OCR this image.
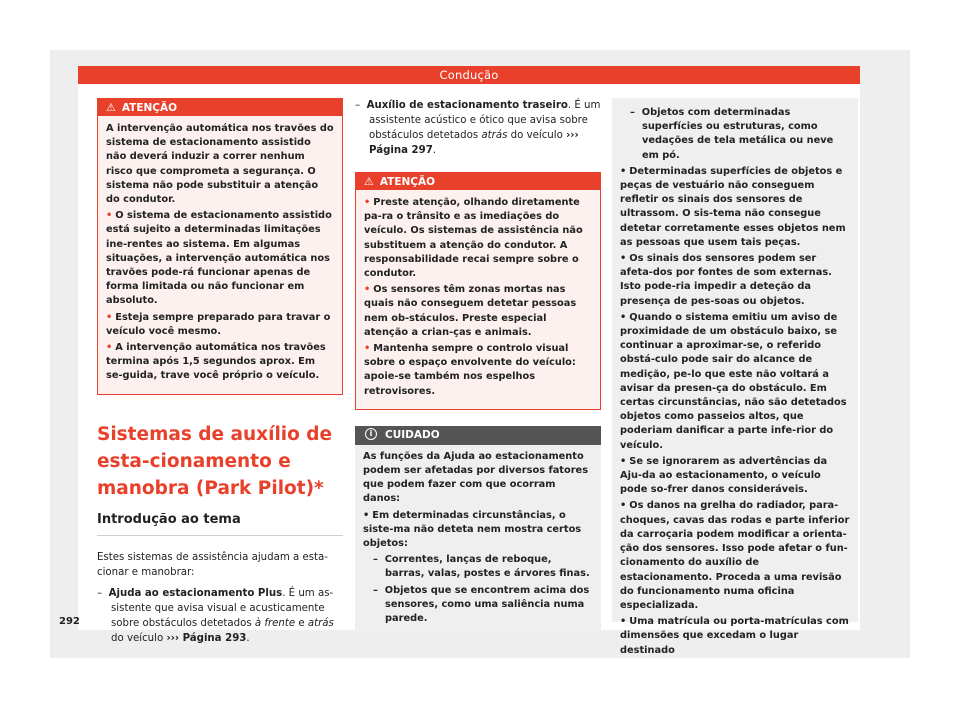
Condução
292
⚠ ATENÇÃO

A intervenção automática nos travões do sistema de estacionamento assistido não deverá induzir a correr nenhum risco que comprometa a segurança. O sistema não pode substituir a atenção do condutor.

• O sistema de estacionamento assistido está sujeito a determinadas limitações ine-rentes ao sistema. Em algumas situações, a intervenção automática nos travões pode-rá funcionar apenas de forma limitada ou não funcionar em absoluto.

• Esteja sempre preparado para travar o veículo você mesmo.

• A intervenção automática nos travões termina após 1,5 segundos aprox. Em se-guida, trave você próprio o veículo.

Sistemas de auxílio de esta-cionamento e manobra (Park Pilot)*
Introdução ao tema

Estes sistemas de assistência ajudam a esta-cionar e manobrar:

– Ajuda ao estacionamento Plus. É um as-sistente que avisa visual e acusticamente sobre obstáculos detetados à frente e atrás do veículo ››› Página 293.

– Auxílio de estacionamento traseiro. É um assistente acústico e ótico que avisa sobre obstáculos detetados atrás do veículo ››› Página 297.

⚠ ATENÇÃO

• Preste atenção, olhando diretamente pa-ra o trânsito e as imediações do veículo. Os sistemas de assistência não substituem a atenção do condutor. A responsabilidade recai sempre sobre o condutor.

• Os sensores têm zonas mortas nas quais não conseguem detetar pessoas nem ob-stáculos. Preste especial atenção a crian-ças e animais.

• Mantenha sempre o controlo visual sobre o espaço envolvente do veículo: apoie-se também nos espelhos retrovisores.

i CUIDADO

As funções da Ajuda ao estacionamento podem ser afetadas por diversos fatores que podem fazer com que ocorram danos:

• Em determinadas circunstâncias, o siste-ma não deteta nem mostra certos objetos:

–  Correntes, lanças de reboque, barras, valas, postes e árvores finas.

–  Objetos que se encontrem acima dos sensores, como uma saliência numa parede.

–  Objetos com determinadas superfícies ou estruturas, como vedações de tela metálica ou neve em pó.

• Determinadas superfícies de objetos e peças de vestuário não conseguem refletir os sinais dos sensores de ultrassom. O sis-tema não consegue detetar corretamente esses objetos nem as pessoas que usem tais peças.

• Os sinais dos sensores podem ser afeta-dos por fontes de som externas. Isto pode-ria impedir a deteção da presença de pes-soas ou objetos.

• Quando o sistema emitiu um aviso de proximidade de um obstáculo baixo, se continuar a aproximar-se, o referido obstá-culo pode sair do alcance de medição, pe-lo que este não voltará a avisar da presen-ça do obstáculo. Em certas circunstâncias, não são detetados objetos como passeios altos, que poderiam danificar a parte infe-rior do veículo.

• Se se ignorarem as advertências da Aju-da ao estacionamento, o veículo pode so-frer danos consideráveis.

• Os danos na grelha do radiador, para-choques, cavas das rodas e parte inferior da carroçaria podem modificar a orienta-ção dos sensores. Isso pode afetar o fun-cionamento do auxílio de estacionamento. Proceda a uma revisão do funcionamento numa oficina especializada.

• Uma matrícula ou porta-matrículas com dimensões que excedam o lugar destinado
